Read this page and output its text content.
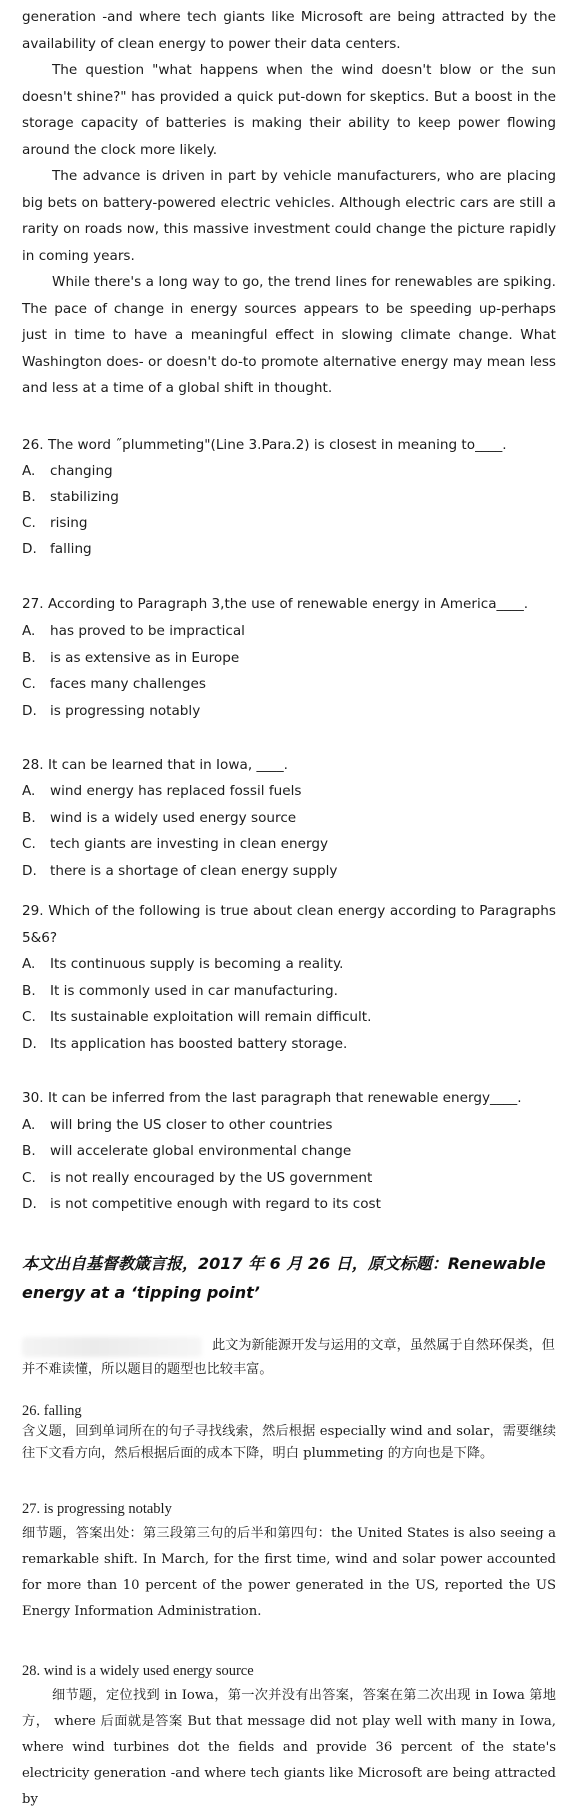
generation -and where tech giants like Microsoft are being attracted by the availability of clean energy to power their data centers.
The question "what happens when the wind doesn't blow or the sun doesn't shine?" has provided a quick put-down for skeptics. But a boost in the storage capacity of batteries is making their ability to keep power flowing around the clock more likely.
The advance is driven in part by vehicle manufacturers, who are placing big bets on battery-powered electric vehicles. Although electric cars are still a rarity on roads now, this massive investment could change the picture rapidly in coming years.
While there's a long way to go, the trend lines for renewables are spiking. The pace of change in energy sources appears to be speeding up-perhaps just in time to have a meaningful effect in slowing climate change. What Washington does- or doesn't do-to promote alternative energy may mean less and less at a time of a global shift in thought.
26. The word ˝plummeting"(Line 3.Para.2) is closest in meaning to____.
A. changing
B. stabilizing
C. rising
D. falling
27. According to Paragraph 3,the use of renewable energy in America____.
A. has proved to be impractical
B. is as extensive as in Europe
C. faces many challenges
D. is progressing notably
28. It can be learned that in Iowa, ____.
A. wind energy has replaced fossil fuels
B. wind is a widely used energy source
C. tech giants are investing in clean energy
D. there is a shortage of clean energy supply
29. Which of the following is true about clean energy according to Paragraphs 5&6?
A. Its continuous supply is becoming a reality.
B. It is commonly used in car manufacturing.
C. Its sustainable exploitation will remain difficult.
D. Its application has boosted battery storage.
30. It can be inferred from the last paragraph that renewable energy____.
A. will bring the US closer to other countries
B. will accelerate global environmental change
C. is not really encouraged by the US government
D. is not competitive enough with regard to its cost
本文出自基督教箴言报，2017 年 6 月 26 日，原文标题：Renewable energy at a ‘tipping point’
此文为新能源开发与运用的文章，虽然属于自然环保类，但并不难读懂，所以题目的题型也比较丰富。
26. falling
含义题，回到单词所在的句子寻找线索，然后根据 especially wind and solar，需要继续往下文看方向，然后根据后面的成本下降，明白 plummeting 的方向也是下降。
27. is progressing notably
细节题，答案出处：第三段第三句的后半和第四句：the United States is also seeing a remarkable shift. In March, for the first time, wind and solar power accounted for more than 10 percent of the power generated in the US, reported the US Energy Information Administration.
28. wind is a widely used energy source
细节题，定位找到 in Iowa，第一次并没有出答案，答案在第二次出现 in Iowa 第地方， where 后面就是答案 But that message did not play well with many in Iowa, where wind turbines dot the fields and provide 36 percent of the state's electricity generation -and where tech giants like Microsoft are being attracted by
